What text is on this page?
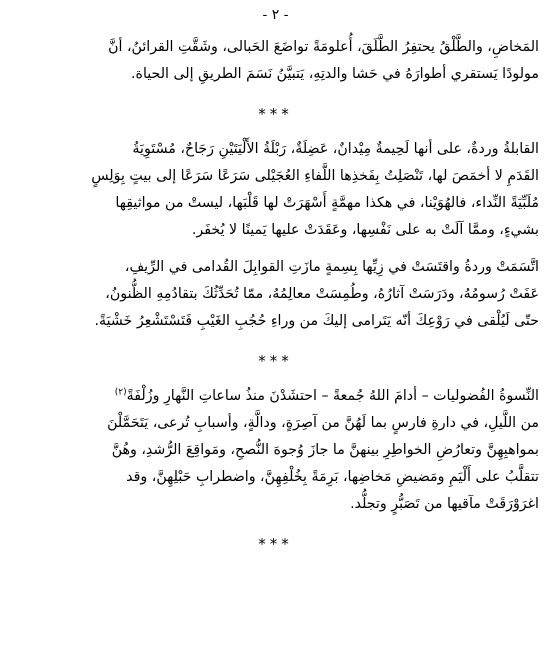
- ٢ -
المَخاضِ، والطَّلْقُ يحتفِرُ الطَّلَقَ، أُعلومَةً تواضَعَ الحَبالى، وشَقَّتِ القرائنُ، أنَّ
مولودًا يَستقري أطوارَهُ في حَشا والدتِهِ، يَتبيَّنُ نَسَمَ الطريقِ إلى الحياة.
***
القابلةُ وردةٌ، على أنها لَحِيمةٌ مِيْدانٌ، عَضِلَةٌ، رَبْلَةُ الأَلْيَتَيْنِ رَجَاحٌ، مُسْتَوِيَةُ
القَدَمِ لا أخمَصَ لها، تَنْصَلِتُ بِفَخذِها اللَّفاءِ العُجَيْلى سَرَعًا سَرَعًا إلى بيتٍ بِوَلِسٍ
مُلَبِّيَةً النِّداء، فالهُوَيْنا، في هكذا مهمَّةٍ أَسْهَرَتْ لها قَلْبَها، ليستْ من مواثيقِها
بشيءٍ، وممَّا آلَتْ به على نَفْسِها، وعَقَدَتْ عليها يَمينًا لا يُخفَر.
اتَّسَمَتْ وردةُ واقتَسَتْ في زِيِّها بِسِمةٍ مازَتِ القوابِلَ القُدامى في الرِّيفِ،
عَفَتْ رُسومُهُ، ودَرَسَتْ آثارُهُ، وطُمِسَتْ معالِمُهُ، ممّا تُحَدِّثُكَ بتقادُمِهِ الظُّنونُ،
حتّى لَيُلْقى في رَوْعِكَ أنّه يَتَرامى إليكَ من وراءِ حُجُبِ الغَيْبِ فَتَسْتَشْعِرُ خَشْيَةً.
***
النِّسوةُ الفُضوليات – أدامَ اللهُ جُمعةً – احتشَدْنَ منذُ ساعاتِ النَّهارِ وزُلْفَةً$^{(٢)}$
من اللَّيلِ، في دارةِ فارسٍ بما لَهُنَّ من آصِرَةٍ، ودالَّةٍ، وأسبابِ تُرعى، يَتَحَمَّلْنَ
بمواهبِهِنَّ وتعارُضِ الخواطِرِ بينهنَّ ما جازَ وُجوهَ النُّصحِ، ومَواقِعَ الرُّشدِ، وهُنَّ
تتقلَّبُ على أَلْيَمِ ومَضيضِ مَخاضِها، بَرِمَةً بِخُلْفِهِنَّ، واضطرابِ حَبْلِهِنَّ، وقد
اغرَوْرَقَتْ مآقيها من تَصَبُّرٍ وتجلُّد.
***
